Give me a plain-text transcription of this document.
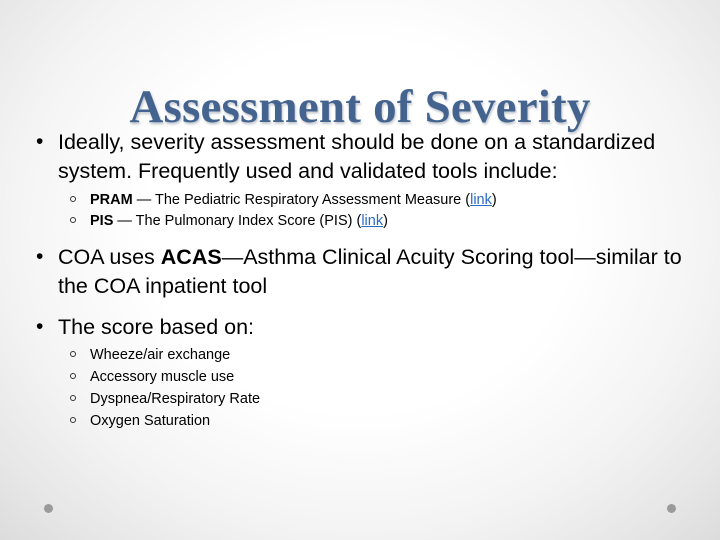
Assessment of Severity
• Ideally, severity assessment should be done on a standardized system. Frequently used and validated tools include:
PRAM — The Pediatric Respiratory Assessment Measure (link)
PIS — The Pulmonary Index Score (PIS) (link)
• COA uses ACAS—Asthma Clinical Acuity Scoring tool—similar to the COA inpatient tool
• The score based on:
Wheeze/air exchange
Accessory muscle use
Dyspnea/Respiratory Rate
Oxygen Saturation
